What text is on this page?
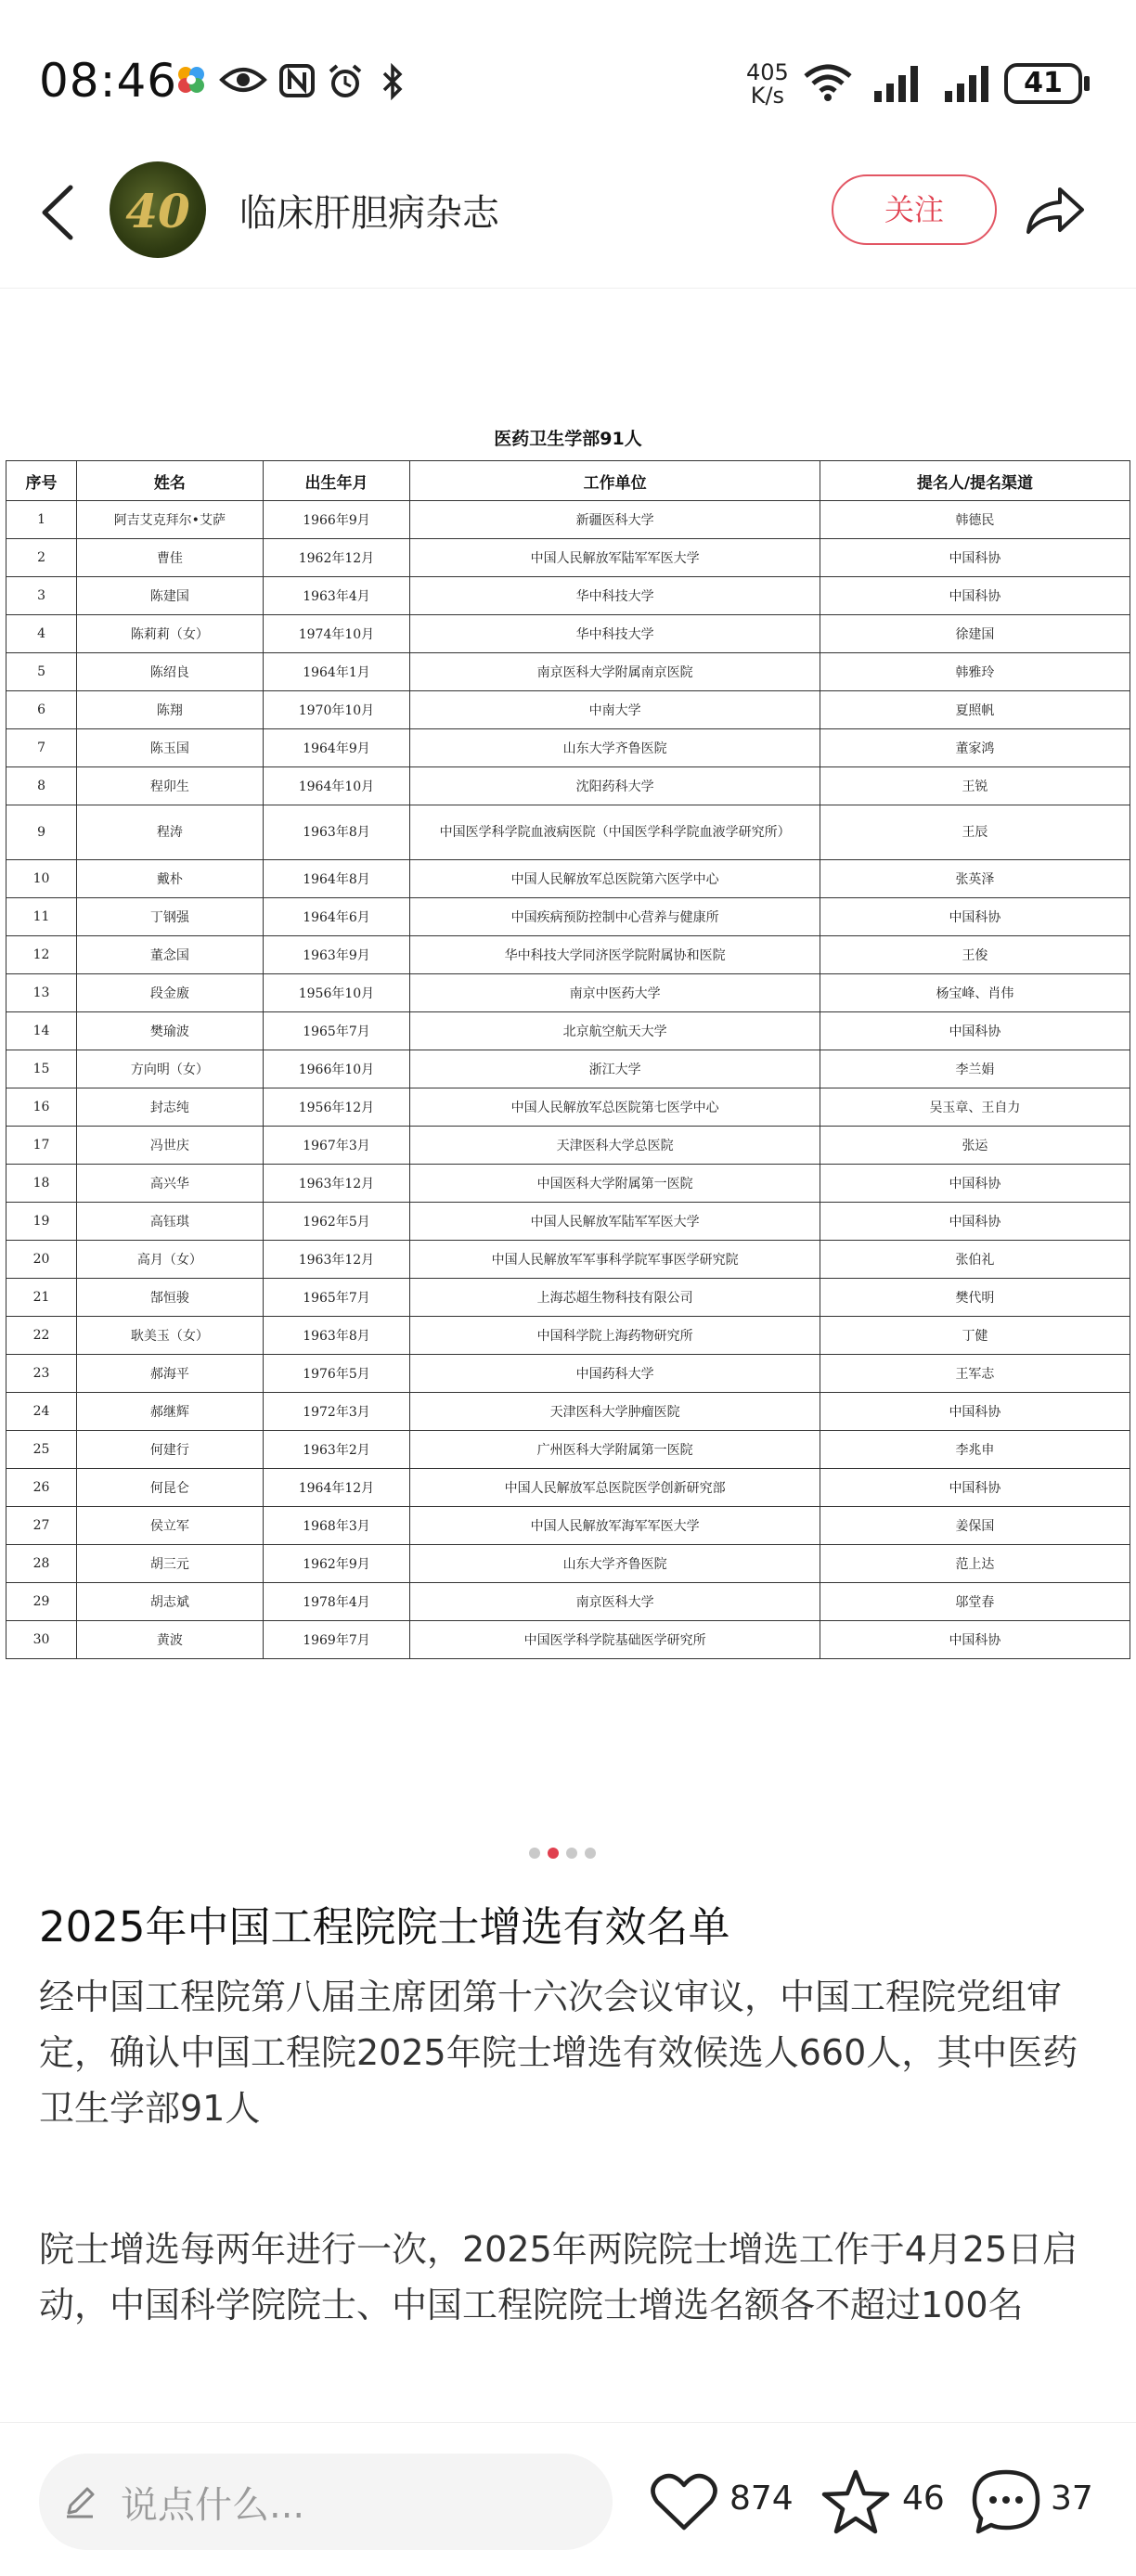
08:46	405
K/s	41
40	临床肝胆病杂志	关注
医药卫生学部91人
序号	姓名	出生年月	工作单位	提名人/提名渠道
1	阿吉艾克拜尔•艾萨	1966年9月	新疆医科大学	韩德民
2	曹佳	1962年12月	中国人民解放军陆军军医大学	中国科协
3	陈建国	1963年4月	华中科技大学	中国科协
4	陈莉莉（女）	1974年10月	华中科技大学	徐建国
5	陈绍良	1964年1月	南京医科大学附属南京医院	韩雅玲
6	陈翔	1970年10月	中南大学	夏照帆
7	陈玉国	1964年9月	山东大学齐鲁医院	董家鸿
8	程卯生	1964年10月	沈阳药科大学	王锐
9	程涛	1963年8月	中国医学科学院血液病医院（中国医学科学院血液学研究所）	王辰
10	戴朴	1964年8月	中国人民解放军总医院第六医学中心	张英泽
11	丁钢强	1964年6月	中国疾病预防控制中心营养与健康所	中国科协
12	董念国	1963年9月	华中科技大学同济医学院附属协和医院	王俊
13	段金廒	1956年10月	南京中医药大学	杨宝峰、肖伟
14	樊瑜波	1965年7月	北京航空航天大学	中国科协
15	方向明（女）	1966年10月	浙江大学	李兰娟
16	封志纯	1956年12月	中国人民解放军总医院第七医学中心	吴玉章、王自力
17	冯世庆	1967年3月	天津医科大学总医院	张运
18	高兴华	1963年12月	中国医科大学附属第一医院	中国科协
19	高钰琪	1962年5月	中国人民解放军陆军军医大学	中国科协
20	高月（女）	1963年12月	中国人民解放军军事科学院军事医学研究院	张伯礼
21	郜恒骏	1965年7月	上海芯超生物科技有限公司	樊代明
22	耿美玉（女）	1963年8月	中国科学院上海药物研究所	丁健
23	郝海平	1976年5月	中国药科大学	王军志
24	郝继辉	1972年3月	天津医科大学肿瘤医院	中国科协
25	何建行	1963年2月	广州医科大学附属第一医院	李兆申
26	何昆仑	1964年12月	中国人民解放军总医院医学创新研究部	中国科协
27	侯立军	1968年3月	中国人民解放军海军军医大学	姜保国
28	胡三元	1962年9月	山东大学齐鲁医院	范上达
29	胡志斌	1978年4月	南京医科大学	邬堂春
30	黄波	1969年7月	中国医学科学院基础医学研究所	中国科协
2025年中国工程院院士增选有效名单
经中国工程院第八届主席团第十六次会议审议，中国工程院党组审定，确认中国工程院2025年院士增选有效候选人660人，其中医药卫生学部91人
院士增选每两年进行一次，2025年两院院士增选工作于4月25日启动，中国科学院院士、中国工程院院士增选名额各不超过100名
说点什么...	874	46	37
